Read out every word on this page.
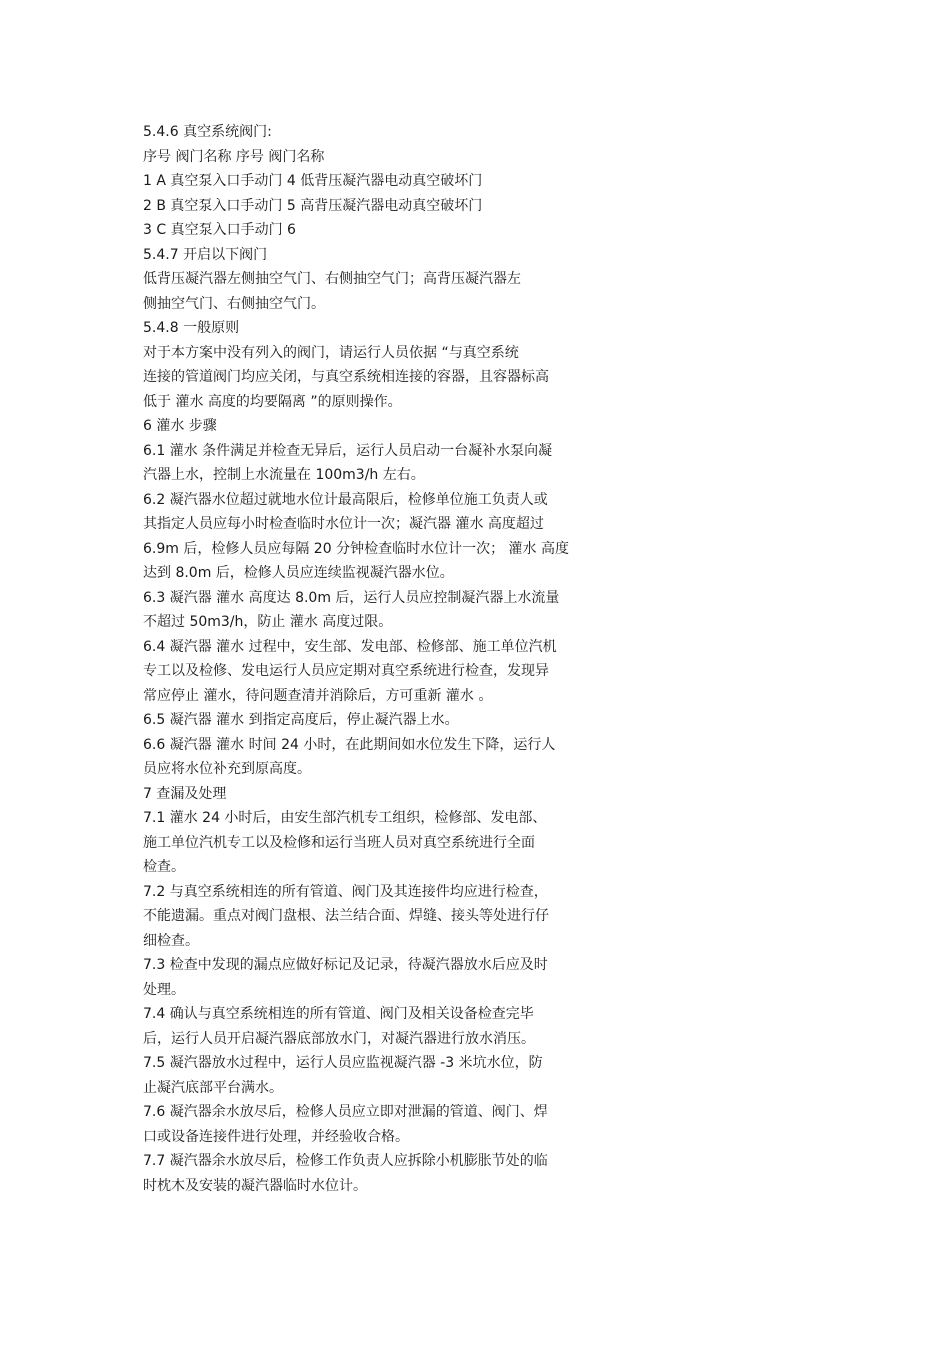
5.4.6 真空系统阀门:
序号 阀门名称 序号 阀门名称
1 A 真空泵入口手动门 4 低背压凝汽器电动真空破坏门
2 B 真空泵入口手动门 5 高背压凝汽器电动真空破坏门
3 C 真空泵入口手动门 6
5.4.7 开启以下阀门
低背压凝汽器左侧抽空气门、右侧抽空气门；高背压凝汽器左
侧抽空气门、右侧抽空气门。
5.4.8 一般原则
对于本方案中没有列入的阀门，请运行人员依据 “与真空系统
连接的管道阀门均应关闭，与真空系统相连接的容器，且容器标高
低于 灌水 高度的均要隔离 ”的原则操作。
6 灌水 步骤
6.1 灌水 条件满足并检查无异后，运行人员启动一台凝补水泵向凝
汽器上水，控制上水流量在 100m3/h 左右。
6.2 凝汽器水位超过就地水位计最高限后，检修单位施工负责人或
其指定人员应每小时检查临时水位计一次；凝汽器 灌水 高度超过
6.9m 后，检修人员应每隔 20 分钟检查临时水位计一次； 灌水 高度
达到 8.0m 后，检修人员应连续监视凝汽器水位。
6.3 凝汽器 灌水 高度达 8.0m 后，运行人员应控制凝汽器上水流量
不超过 50m3/h，防止 灌水 高度过限。
6.4 凝汽器 灌水 过程中，安生部、发电部、检修部、施工单位汽机
专工以及检修、发电运行人员应定期对真空系统进行检查，发现异
常应停止 灌水，待问题查清并消除后，方可重新 灌水 。
6.5 凝汽器 灌水 到指定高度后，停止凝汽器上水。
6.6 凝汽器 灌水 时间 24 小时，在此期间如水位发生下降，运行人
员应将水位补充到原高度。
7 查漏及处理
7.1 灌水 24 小时后，由安生部汽机专工组织，检修部、发电部、
施工单位汽机专工以及检修和运行当班人员对真空系统进行全面
检查。
7.2 与真空系统相连的所有管道、阀门及其连接件均应进行检查，
不能遗漏。重点对阀门盘根、法兰结合面、焊缝、接头等处进行仔
细检查。
7.3 检查中发现的漏点应做好标记及记录，待凝汽器放水后应及时
处理。
7.4 确认与真空系统相连的所有管道、阀门及相关设备检查完毕
后，运行人员开启凝汽器底部放水门，对凝汽器进行放水消压。
7.5 凝汽器放水过程中，运行人员应监视凝汽器 -3 米坑水位，防
止凝汽底部平台满水。
7.6 凝汽器余水放尽后，检修人员应立即对泄漏的管道、阀门、焊
口或设备连接件进行处理，并经验收合格。
7.7 凝汽器余水放尽后，检修工作负责人应拆除小机膨胀节处的临
时枕木及安装的凝汽器临时水位计。
